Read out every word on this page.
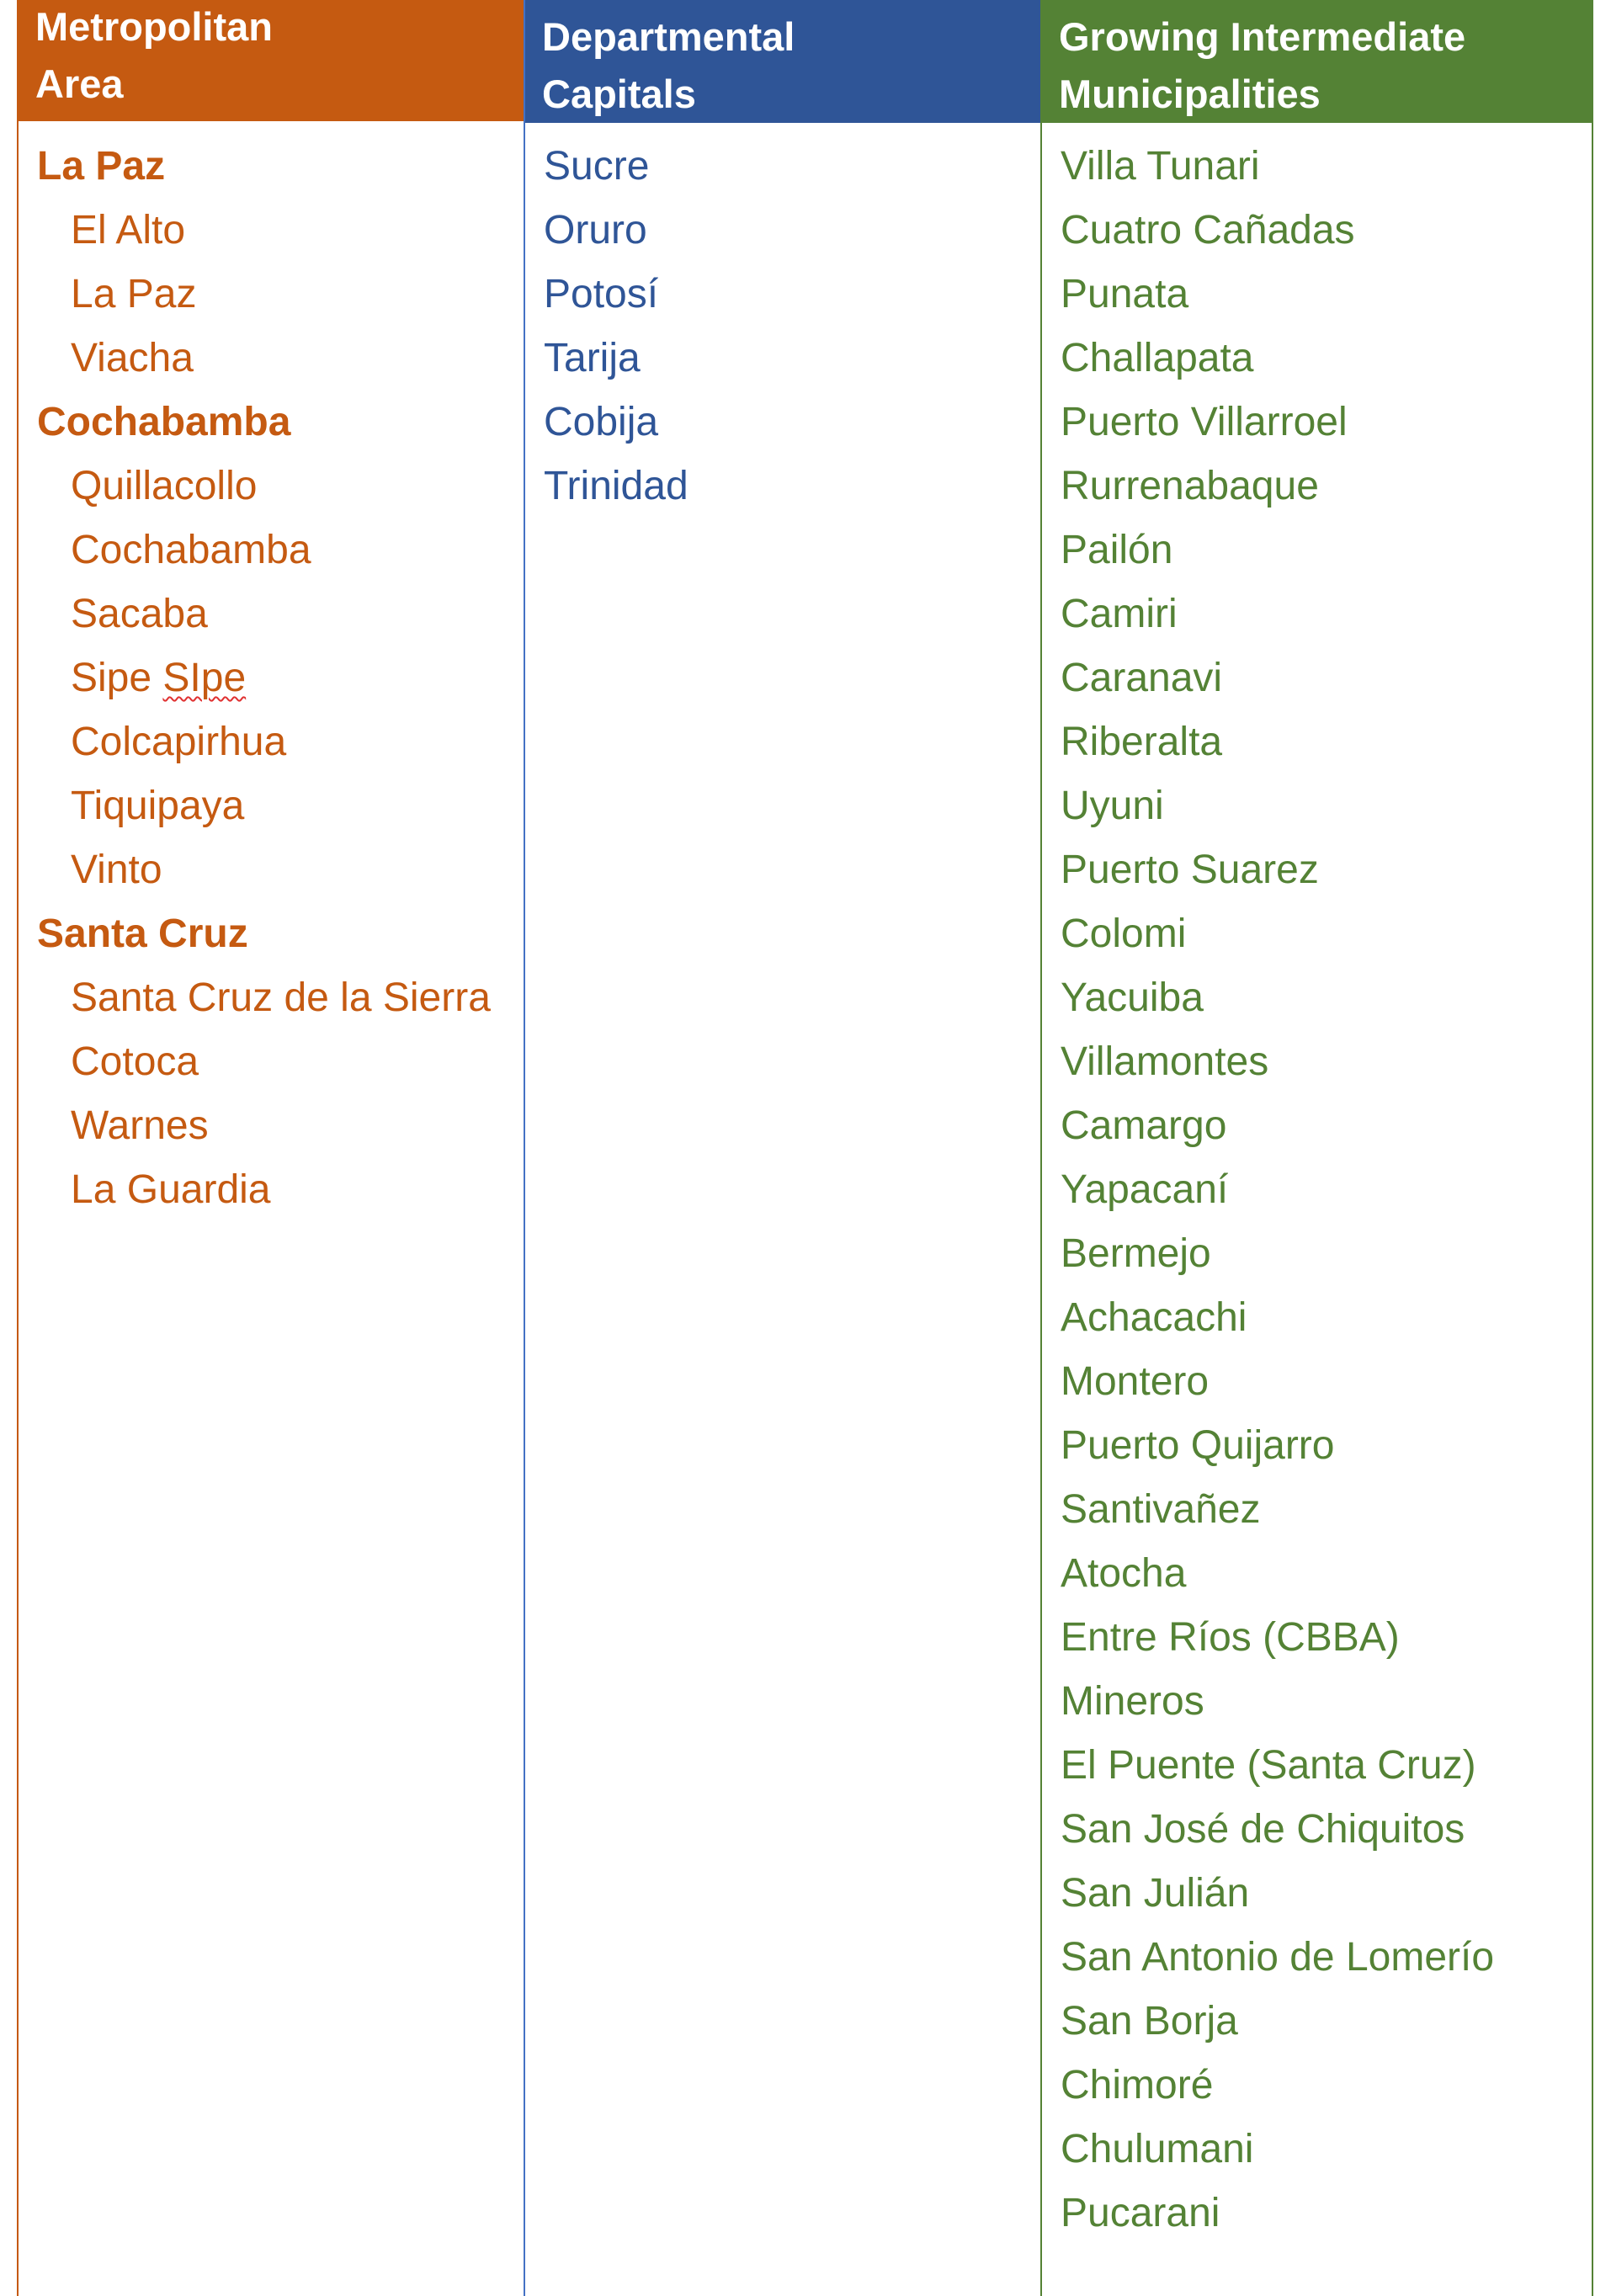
Metropolitan
Area
La Paz
El Alto
La Paz
Viacha
Cochabamba
Quillacollo
Cochabamba
Sacaba
Sipe SIpe
Colcapirhua
Tiquipaya
Vinto
Santa Cruz
Santa Cruz de la Sierra
Cotoca
Warnes
La Guardia
Departmental
Capitals
Sucre
Oruro
Potosí
Tarija
Cobija
Trinidad
Growing Intermediate
Municipalities
Villa Tunari
Cuatro Cañadas
Punata
Challapata
Puerto Villarroel
Rurrenabaque
Pailón
Camiri
Caranavi
Riberalta
Uyuni
Puerto Suarez
Colomi
Yacuiba
Villamontes
Camargo
Yapacaní
Bermejo
Achacachi
Montero
Puerto Quijarro
Santivañez
Atocha
Entre Ríos (CBBA)
Mineros
El Puente (Santa Cruz)
San José de Chiquitos
San Julián
San Antonio de Lomerío
San Borja
Chimoré
Chulumani
Pucarani
